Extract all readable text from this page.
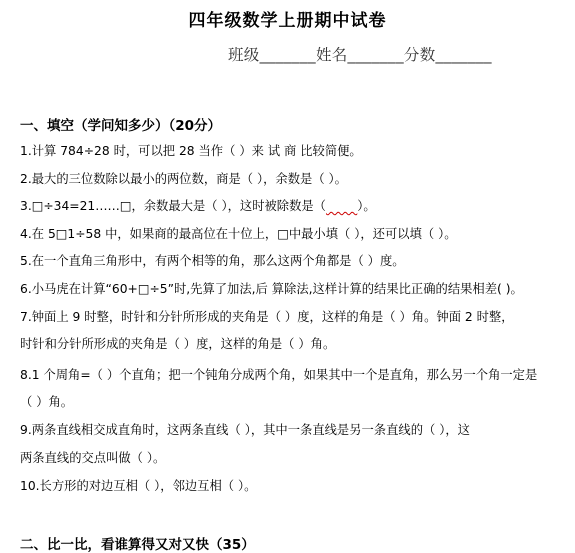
四年级数学上册期中试卷
班级_______姓名_______分数_______
一、填空（学问知多少）（20分）
1.计算 784÷28 时，可以把 28 当作（ ）来 试 商 比较简便。
2.最大的三位数除以最小的两位数，商是（ ），余数是（ ）。
3.□÷34=21……□，余数最大是（ ），这时被除数是（	）。
4.在 5□1÷58 中，如果商的最高位在十位上，□中最小填（ ），还可以填（ ）。
5.在一个直角三角形中，有两个相等的角，那么这两个角都是（ ）度。
6.小马虎在计算“60+□÷5”时,先算了加法,后 算除法,这样计算的结果比正确的结果相差( )。
7.钟面上 9 时整，时针和分针所形成的夹角是（ ）度，这样的角是（ ）角。钟面 2 时整，
时针和分针所形成的夹角是（ ）度，这样的角是（ ）角。
8.1 个周角=（ ）个直角；把一个钝角分成两个角，如果其中一个是直角，那么另一个角一定是
（ ）角。
9.两条直线相交成直角时，这两条直线（ ），其中一条直线是另一条直线的（ ），这
两条直线的交点叫做（ ）。
10.长方形的对边互相（ ），邻边互相（ ）。
二、比一比，看谁算得又对又快（35）
